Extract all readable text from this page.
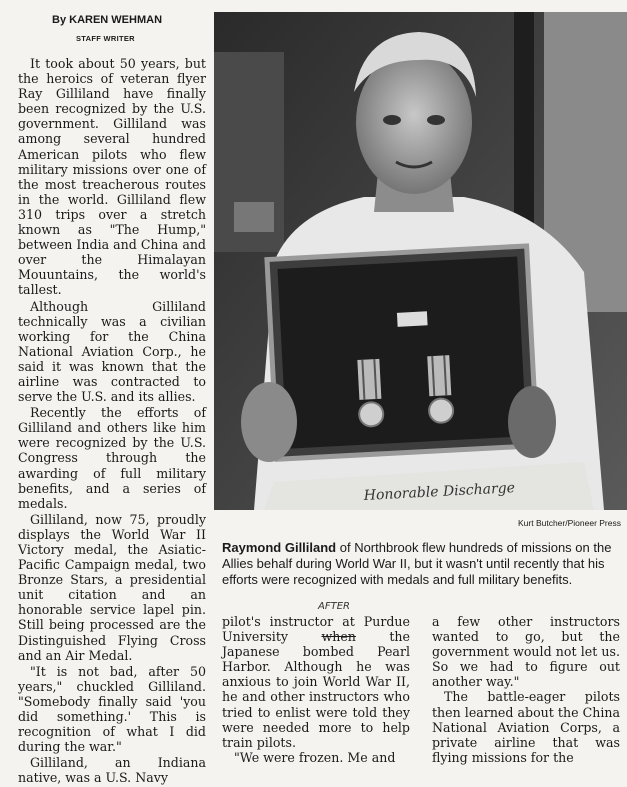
By KAREN WEHMAN
STAFF WRITER

It took about 50 years, but the heroics of veteran flyer Ray Gilliland have finally been recognized by the U.S. government. Gilliland was among several hundred American pilots who flew military missions over one of the most treacherous routes in the world. Gilliland flew 310 trips over a stretch known as "The Hump," between India and China and over the Himalayan Mouuntains, the world's tallest.

Although Gilliland technically was a civilian working for the China National Aviation Corp., he said it was known that the airline was contracted to serve the U.S. and its allies.

Recently the efforts of Gilliland and others like him were recognized by the U.S. Congress through the awarding of full military benefits, and a series of medals.

Gilliland, now 75, proudly displays the World War II Victory medal, the Asiatic-Pacific Campaign medal, two Bronze Stars, a presidential unit citation and an honorable service lapel pin. Still being processed are the Distinguished Flying Cross and an Air Medal.

"It is not bad, after 50 years," chuckled Gilliland. "Somebody finally said 'you did something.' This is recognition of what I did during the war."

Gilliland, an Indiana native, was a U.S. Navy

Honorable Discharge
Kurt Butcher/Pioneer Press
Raymond Gilliland of Northbrook flew hundreds of missions on the Allies behalf during World War II, but it wasn't until recently that his efforts were recognized with medals and full military benefits.
AFTER

pilot's instructor at Purdue University when the Japanese bombed Pearl Harbor. Although he was anxious to join World War II, he and other instructors who tried to enlist were told they were needed more to help train pilots.

"We were frozen. Me and

a few other instructors wanted to go, but the government would not let us. So we had to figure out another way."

The battle-eager pilots then learned about the China National Aviation Corps, a private airline that was flying missions for the
